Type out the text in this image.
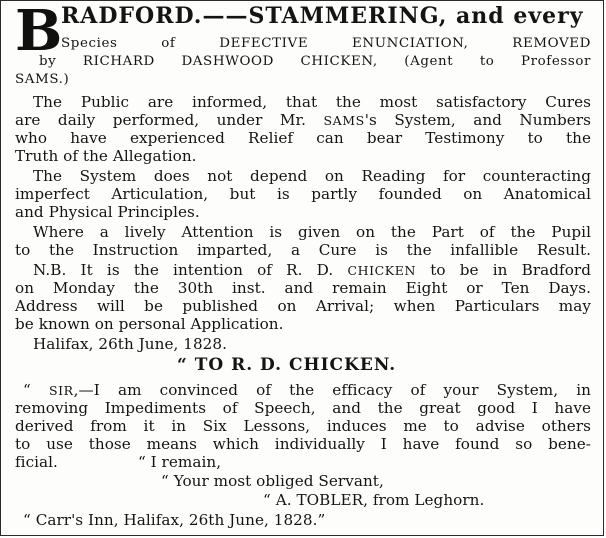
B
RADFORD.——STAMMERING, and every
Species of DEFECTIVE ENUNCIATION, REMOVED
by RICHARD DASHWOOD CHICKEN, (Agent to Professor
SAMS.)
The Public are informed, that the most satisfactory Cures
are daily performed, under Mr. SAMS's System, and Numbers
who have experienced Relief can bear Testimony to the
Truth of the Allegation.
The System does not depend on Reading for counteracting
imperfect Articulation, but is partly founded on Anatomical
and Physical Principles.
Where a lively Attention is given on the Part of the Pupil
to the Instruction imparted, a Cure is the infallible Result.
N.B. It is the intention of R. D. CHICKEN to be in Bradford
on Monday the 30th inst. and remain Eight or Ten Days.
Address will be published on Arrival; when Particulars may
be known on personal Application.
Halifax, 26th June, 1828.
“ TO R. D. CHICKEN.
“ SIR,—I am convinced of the efficacy of your System, in
removing Impediments of Speech, and the great good I have
derived from it in Six Lessons, induces me to advise others
to use those means which individually I have found so bene-
ficial.	“ I remain,
“ Your most obliged Servant,
“ A. TOBLER, from Leghorn.
“ Carr's Inn, Halifax, 26th June, 1828.”
